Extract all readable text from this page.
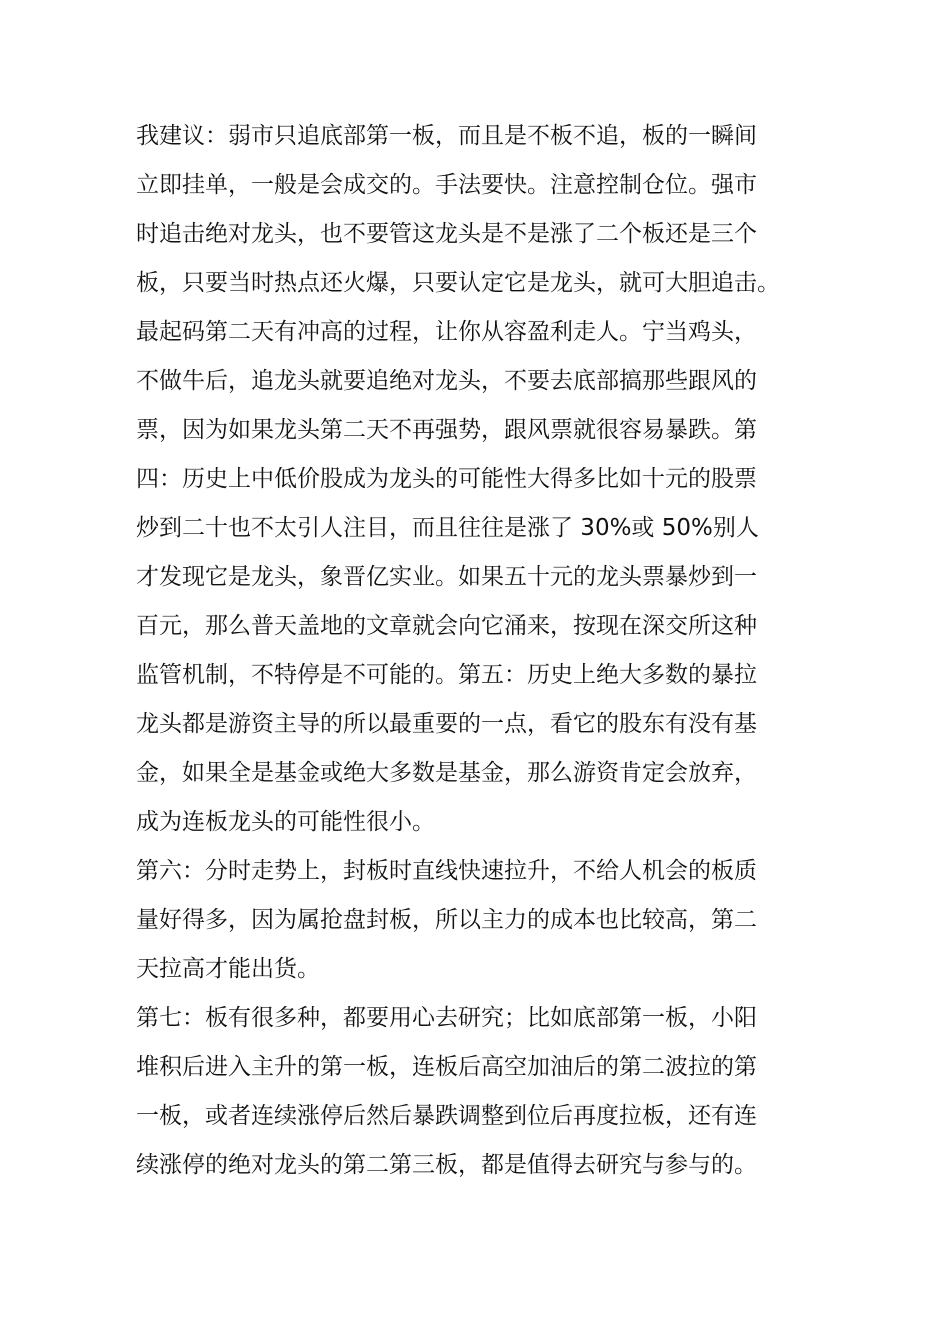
我建议：弱市只追底部第一板，而且是不板不追，板的一瞬间
立即挂单，一般是会成交的。手法要快。注意控制仓位。强市
时追击绝对龙头，也不要管这龙头是不是涨了二个板还是三个
板，只要当时热点还火爆，只要认定它是龙头，就可大胆追击。
最起码第二天有冲高的过程，让你从容盈利走人。宁当鸡头，
不做牛后，追龙头就要追绝对龙头，不要去底部搞那些跟风的
票，因为如果龙头第二天不再强势，跟风票就很容易暴跌。第
四：历史上中低价股成为龙头的可能性大得多比如十元的股票
炒到二十也不太引人注目，而且往往是涨了 30%或 50%别人
才发现它是龙头，象晋亿实业。如果五十元的龙头票暴炒到一
百元，那么普天盖地的文章就会向它涌来，按现在深交所这种
监管机制，不特停是不可能的。第五：历史上绝大多数的暴拉
龙头都是游资主导的所以最重要的一点，看它的股东有没有基
金，如果全是基金或绝大多数是基金，那么游资肯定会放弃，
成为连板龙头的可能性很小。
第六：分时走势上，封板时直线快速拉升，不给人机会的板质
量好得多，因为属抢盘封板，所以主力的成本也比较高，第二
天拉高才能出货。
第七：板有很多种，都要用心去研究；比如底部第一板，小阳
堆积后进入主升的第一板，连板后高空加油后的第二波拉的第
一板，或者连续涨停后然后暴跌调整到位后再度拉板，还有连
续涨停的绝对龙头的第二第三板，都是值得去研究与参与的。
